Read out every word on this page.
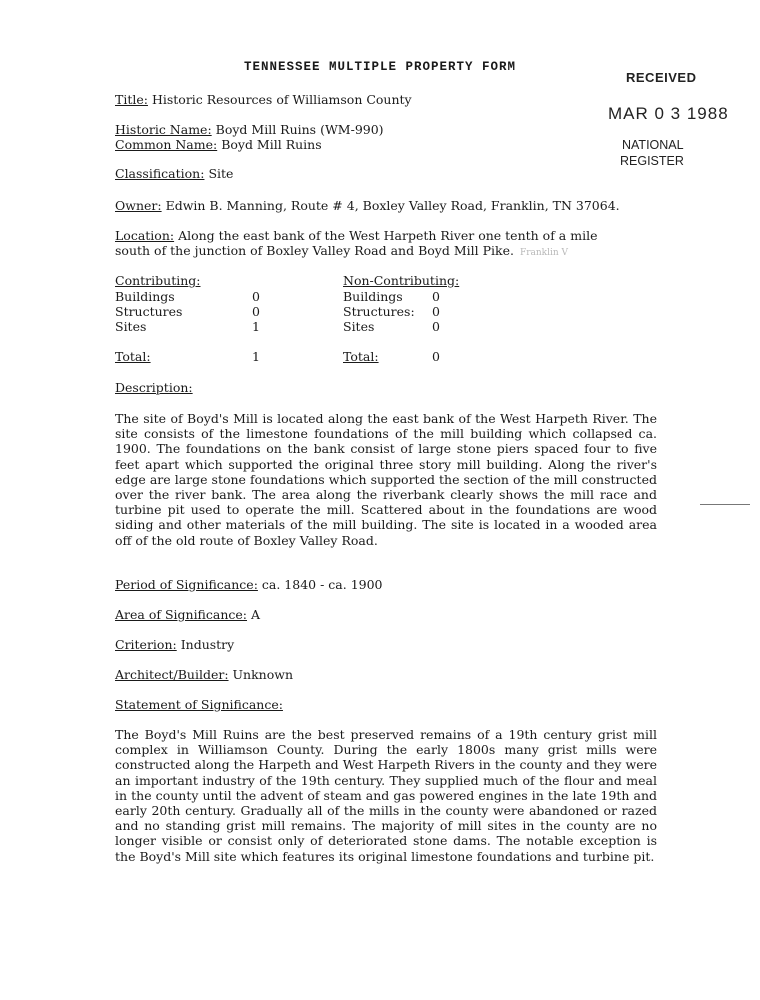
TENNESSEE MULTIPLE PROPERTY FORM
RECEIVED
MAR 0 3 1988
NATIONAL
REGISTER
Title: Historic Resources of Williamson County
Historic Name: Boyd Mill Ruins (WM-990)
Common Name: Boyd Mill Ruins
Classification: Site
Owner: Edwin B. Manning, Route # 4, Boxley Valley Road, Franklin, TN 37064.
Location: Along the east bank of the West Harpeth River one tenth of a mile
south of the junction of Boxley Valley Road and Boyd Mill Pike. Franklin V
Contributing:	Non-Contributing:
Buildings	0	Buildings 0
Structures	0	Structures: 0
Sites	1	Sites	0
Total:	1	Total:	0
Description:
The site of Boyd's Mill is located along the east bank of the West Harpeth River. The site consists of the limestone foundations of the mill building which collapsed ca. 1900. The foundations on the bank consist of large stone piers spaced four to five feet apart which supported the original three story mill building. Along the river's edge are large stone foundations which supported the section of the mill constructed over the river bank. The area along the riverbank clearly shows the mill race and turbine pit used to operate the mill. Scattered about in the foundations are wood siding and other materials of the mill building. The site is located in a wooded area off of the old route of Boxley Valley Road.
Period of Significance: ca. 1840 - ca. 1900
Area of Significance: A
Criterion: Industry
Architect/Builder: Unknown
Statement of Significance:
The Boyd's Mill Ruins are the best preserved remains of a 19th century grist mill complex in Williamson County. During the early 1800s many grist mills were constructed along the Harpeth and West Harpeth Rivers in the county and they were an important industry of the 19th century. They supplied much of the flour and meal in the county until the advent of steam and gas powered engines in the late 19th and early 20th century. Gradually all of the mills in the county were abandoned or razed and no standing grist mill remains. The majority of mill sites in the county are no longer visible or consist only of deteriorated stone dams. The notable exception is the Boyd's Mill site which features its original limestone foundations and turbine pit.
